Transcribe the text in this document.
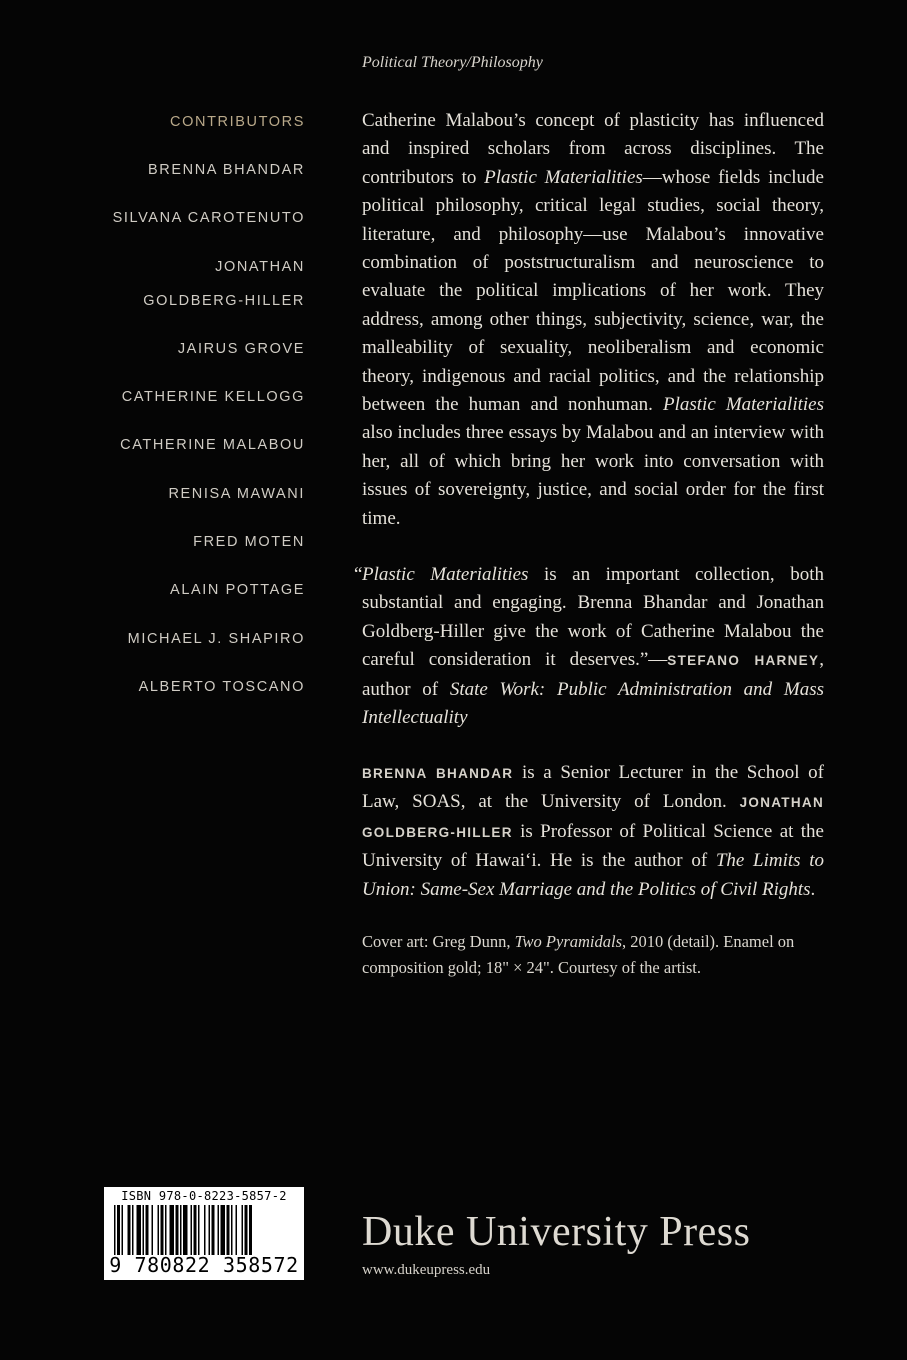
Political Theory/Philosophy
CONTRIBUTORS
BRENNA BHANDAR
SILVANA CAROTENUTO
JONATHAN
GOLDBERG-HILLER
JAIRUS GROVE
CATHERINE KELLOGG
CATHERINE MALABOU
RENISA MAWANI
FRED MOTEN
ALAIN POTTAGE
MICHAEL J. SHAPIRO
ALBERTO TOSCANO

Catherine Malabou’s concept of plasticity has influenced and inspired scholars from across disciplines. The contributors to Plastic Materialities—whose fields include political philosophy, critical legal studies, social theory, literature, and philosophy—use Malabou’s innovative combination of poststructuralism and neuroscience to evaluate the political implications of her work. They address, among other things, subjectivity, science, war, the malleability of sexuality, neoliberalism and economic theory, indigenous and racial politics, and the relationship between the human and nonhuman. Plastic Materialities also includes three essays by Malabou and an interview with her, all of which bring her work into conversation with issues of sovereignty, justice, and social order for the first time.

“ Plastic Materialities is an important collection, both substantial and engaging. Brenna Bhandar and Jonathan Goldberg-Hiller give the work of Catherine Malabou the careful consideration it deserves.”—STEFANO HARNEY, author of State Work: Public Administration and Mass Intellectuality
BRENNA BHANDAR is a Senior Lecturer in the School of Law, SOAS, at the University of London. JONATHAN GOLDBERG-HILLER is Professor of Political Science at the University of Hawai‘i. He is the author of The Limits to Union: Same-Sex Marriage and the Politics of Civil Rights.
Cover art: Greg Dunn, Two Pyramidals, 2010 (detail). Enamel on composition gold; 18" × 24". Courtesy of the artist.
ISBN 978-0-8223-5857-2
9 780822 358572
Duke University Press
www.dukeupress.edu
